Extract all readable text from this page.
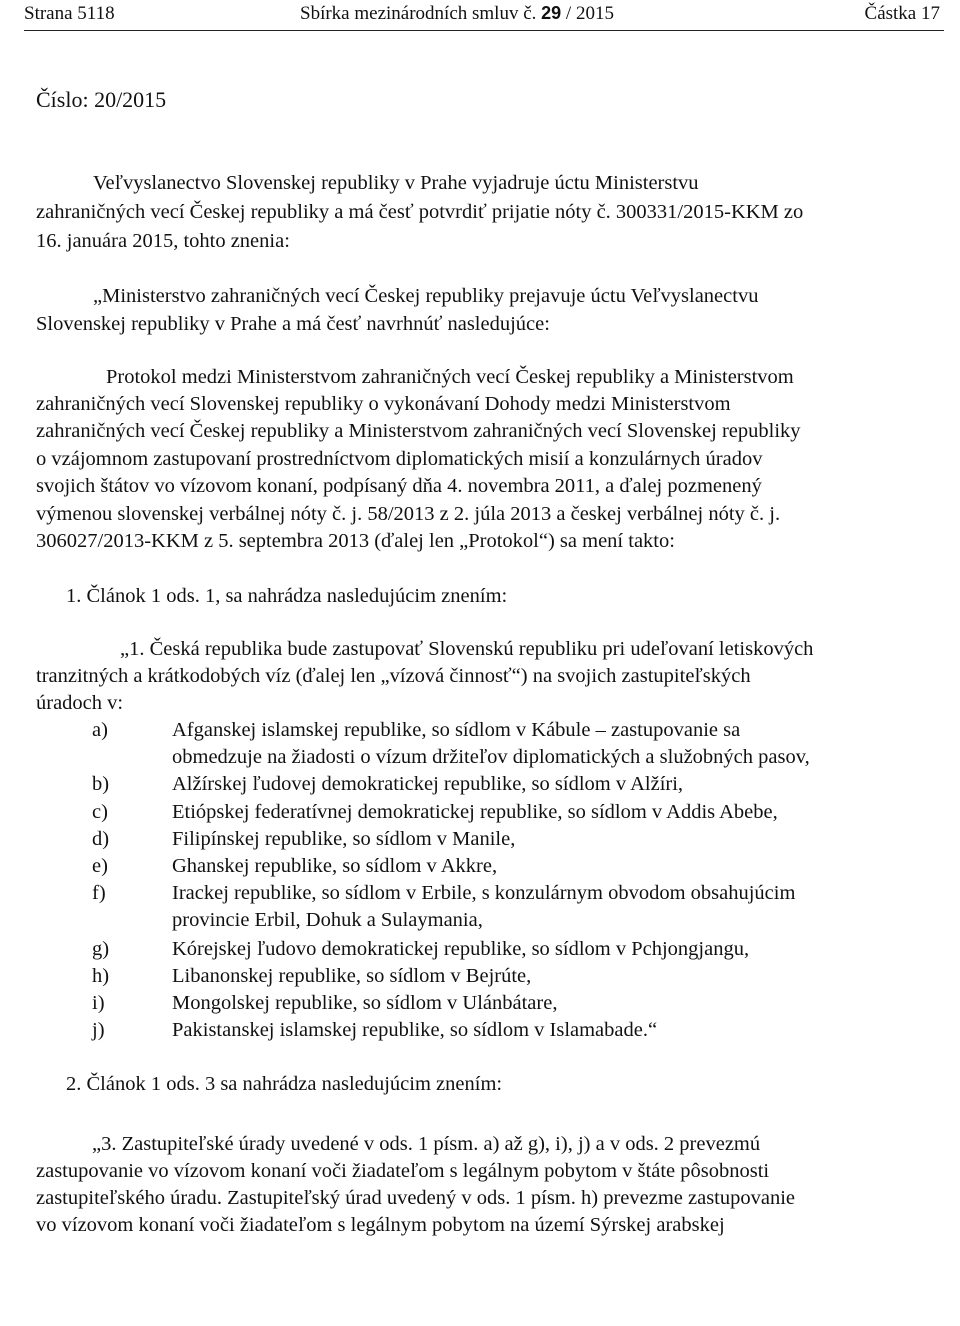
Strana 5118	Sbírka mezinárodních smluv č. 29 / 2015	Částka 17
Číslo: 20/2015
Veľvyslanectvo Slovenskej republiky v Prahe vyjadruje úctu Ministerstvu
zahraničných vecí Českej republiky a má česť potvrdiť prijatie nóty č. 300331/2015-KKM zo
16. januára 2015, tohto znenia:
„Ministerstvo zahraničných vecí Českej republiky prejavuje úctu Veľvyslanectvu
Slovenskej republiky v Prahe a má česť navrhnúť nasledujúce:
Protokol medzi Ministerstvom zahraničných vecí Českej republiky a Ministerstvom
zahraničných vecí Slovenskej republiky o vykonávaní Dohody medzi Ministerstvom
zahraničných vecí Českej republiky a Ministerstvom zahraničných vecí Slovenskej republiky
o vzájomnom zastupovaní prostredníctvom diplomatických misií a konzulárnych úradov
svojich štátov vo vízovom konaní, podpísaný dňa 4. novembra 2011, a ďalej pozmenený
výmenou slovenskej verbálnej nóty č. j. 58/2013 z 2. júla 2013 a českej verbálnej nóty č. j.
306027/2013-KKM z 5. septembra 2013 (ďalej len „Protokol“) sa mení takto:
1. Článok 1 ods. 1, sa nahrádza nasledujúcim znením:
„1. Česká republika bude zastupovať Slovenskú republiku pri udeľovaní letiskových
tranzitných a krátkodobých víz (ďalej len „vízová činnosť“) na svojich zastupiteľských
úradoch v:
a)	Afganskej islamskej republike, so sídlom v Kábule – zastupovanie sa
obmedzuje na žiadosti o vízum držiteľov diplomatických a služobných pasov,
b)	Alžírskej ľudovej demokratickej republike, so sídlom v Alžíri,
c)	Etiópskej federatívnej demokratickej republike, so sídlom v Addis Abebe,
d)	Filipínskej republike, so sídlom v Manile,
e)	Ghanskej republike, so sídlom v Akkre,
f)	Irackej republike, so sídlom v Erbile, s konzulárnym obvodom obsahujúcim
provincie Erbil, Dohuk a Sulaymania,
g)	Kórejskej ľudovo demokratickej republike, so sídlom v Pchjongjangu,
h)	Libanonskej republike, so sídlom v Bejrúte,
i)	Mongolskej republike, so sídlom v Ulánbátare,
j)	Pakistanskej islamskej republike, so sídlom v Islamabade.“
2. Článok 1 ods. 3 sa nahrádza nasledujúcim znením:
„3. Zastupiteľské úrady uvedené v ods. 1 písm. a) až g), i), j) a v ods. 2 prevezmú
zastupovanie vo vízovom konaní voči žiadateľom s legálnym pobytom v štáte pôsobnosti
zastupiteľského úradu. Zastupiteľský úrad uvedený v ods. 1 písm. h) prevezme zastupovanie
vo vízovom konaní voči žiadateľom s legálnym pobytom na území Sýrskej arabskej
